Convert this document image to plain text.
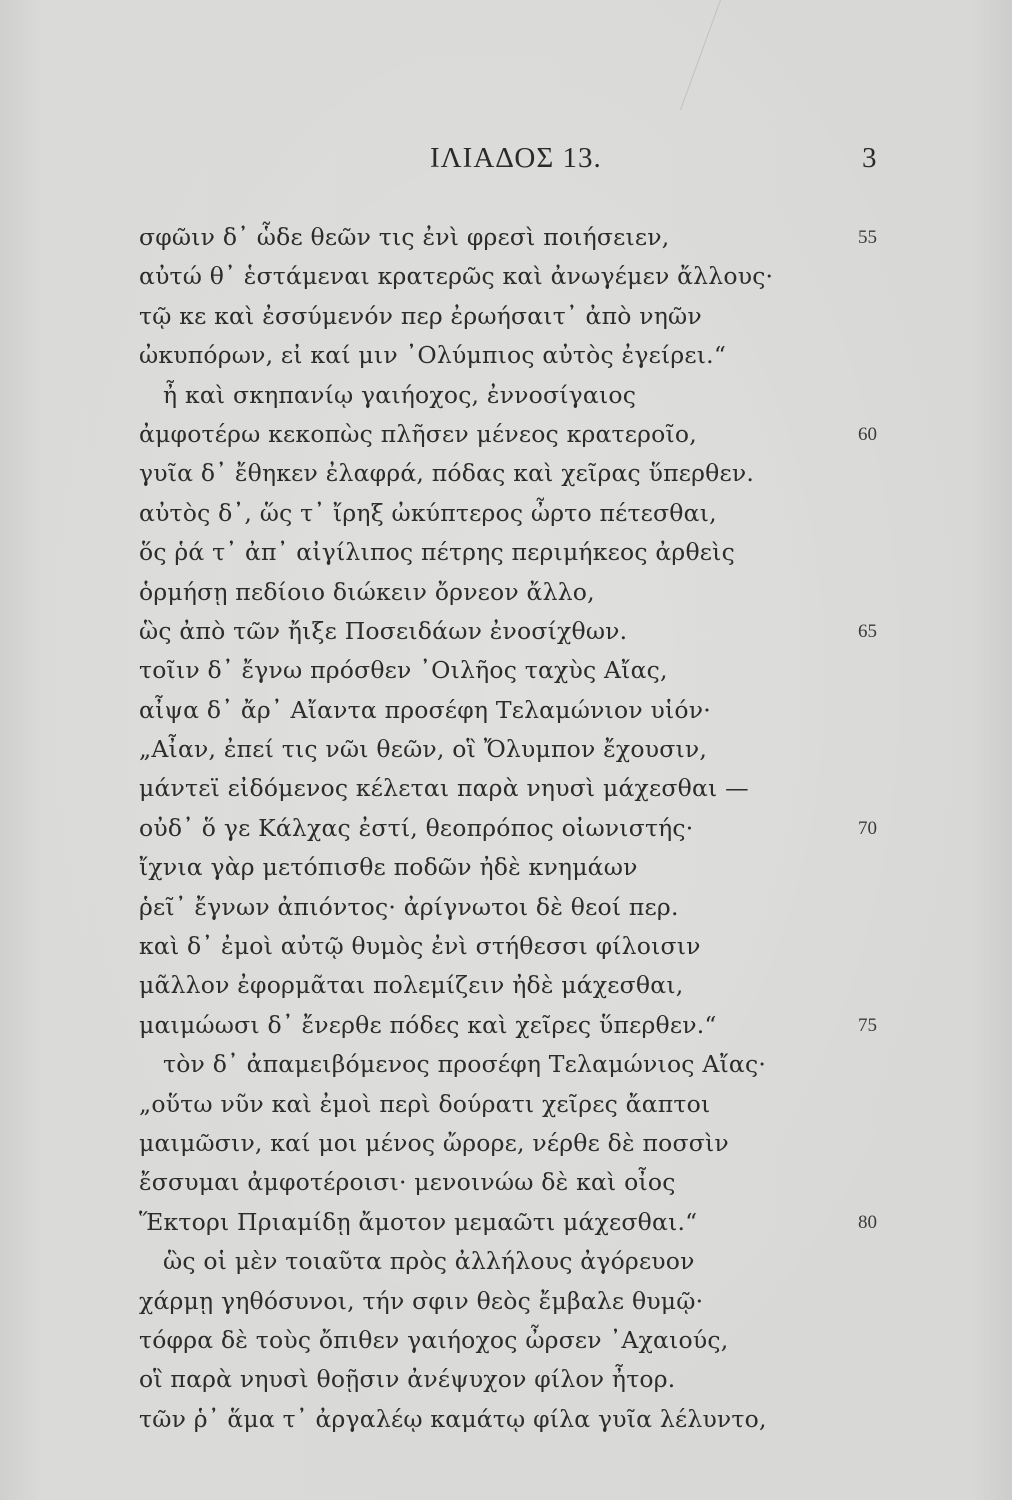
ΙΛΙΑΔΟΣ 13.	3
σφῶιν δ᾿ ὧδε θεῶν τις ἐνὶ φρεσὶ ποιήσειεν,	55
αὐτώ θ᾿ ἑστάμεναι κρατερῶς καὶ ἀνωγέμεν ἄλλους·
τῷ κε καὶ ἐσσύμενόν περ ἐρωήσαιτ᾿ ἀπὸ νηῶν
ὠκυπόρων, εἰ καί μιν ᾿Ολύμπιος αὐτὸς ἐγείρει.“
ἦ καὶ σκηπανίῳ γαιήοχος, ἐννοσίγαιος
ἀμφοτέρω κεκοπὼς πλῆσεν μένεος κρατεροῖο,	60
γυῖα δ᾿ ἔθηκεν ἐλαφρά, πόδας καὶ χεῖρας ὕπερθεν.
αὐτὸς δ᾿, ὥς τ᾿ ἴρηξ ὠκύπτερος ὦρτο πέτεσθαι,
ὅς ῥά τ᾿ ἀπ᾿ αἰγίλιπος πέτρης περιμήκεος ἀρθεὶς
ὁρμήσῃ πεδίοιο διώκειν ὄρνεον ἄλλο,
ὣς ἀπὸ τῶν ἤιξε Ποσειδάων ἐνοσίχθων.	65
τοῖιν δ᾿ ἔγνω πρόσθεν ᾿Οιλῆος ταχὺς Αἴας,
αἶψα δ᾿ ἄρ᾿ Αἴαντα προσέφη Τελαμώνιον υἱόν·
„Αἶαν, ἐπεί τις νῶι θεῶν, οἳ Ὄλυμπον ἔχουσιν,
μάντεϊ εἰδόμενος κέλεται παρὰ νηυσὶ μάχεσθαι —
οὐδ᾿ ὅ γε Κάλχας ἐστί, θεοπρόπος οἰωνιστής·	70
ἴχνια γὰρ μετόπισθε ποδῶν ἠδὲ κνημάων
ῥεῖ᾿ ἔγνων ἀπιόντος· ἀρίγνωτοι δὲ θεοί περ.
καὶ δ᾿ ἐμοὶ αὐτῷ θυμὸς ἐνὶ στήθεσσι φίλοισιν
μᾶλλον ἐφορμᾶται πολεμίζειν ἠδὲ μάχεσθαι,
μαιμώωσι δ᾿ ἔνερθε πόδες καὶ χεῖρες ὕπερθεν.“	75
τὸν δ᾿ ἀπαμειβόμενος προσέφη Τελαμώνιος Αἴας·
„οὕτω νῦν καὶ ἐμοὶ περὶ δούρατι χεῖρες ἄαπτοι
μαιμῶσιν, καί μοι μένος ὤρορε, νέρθε δὲ ποσσὶν
ἔσσυμαι ἀμφοτέροισι· μενοινώω δὲ καὶ οἶος
Ἕκτορι Πριαμίδῃ ἄμοτον μεμαῶτι μάχεσθαι.“	80
ὣς οἱ μὲν τοιαῦτα πρὸς ἀλλήλους ἀγόρευον
χάρμῃ γηθόσυνοι, τήν σφιν θεὸς ἔμβαλε θυμῷ·
τόφρα δὲ τοὺς ὄπιθεν γαιήοχος ὦρσεν ᾿Αχαιούς,
οἳ παρὰ νηυσὶ θοῇσιν ἀνέψυχον φίλον ἦτορ.
τῶν ῥ᾿ ἅμα τ᾿ ἀργαλέῳ καμάτῳ φίλα γυῖα λέλυντο,
